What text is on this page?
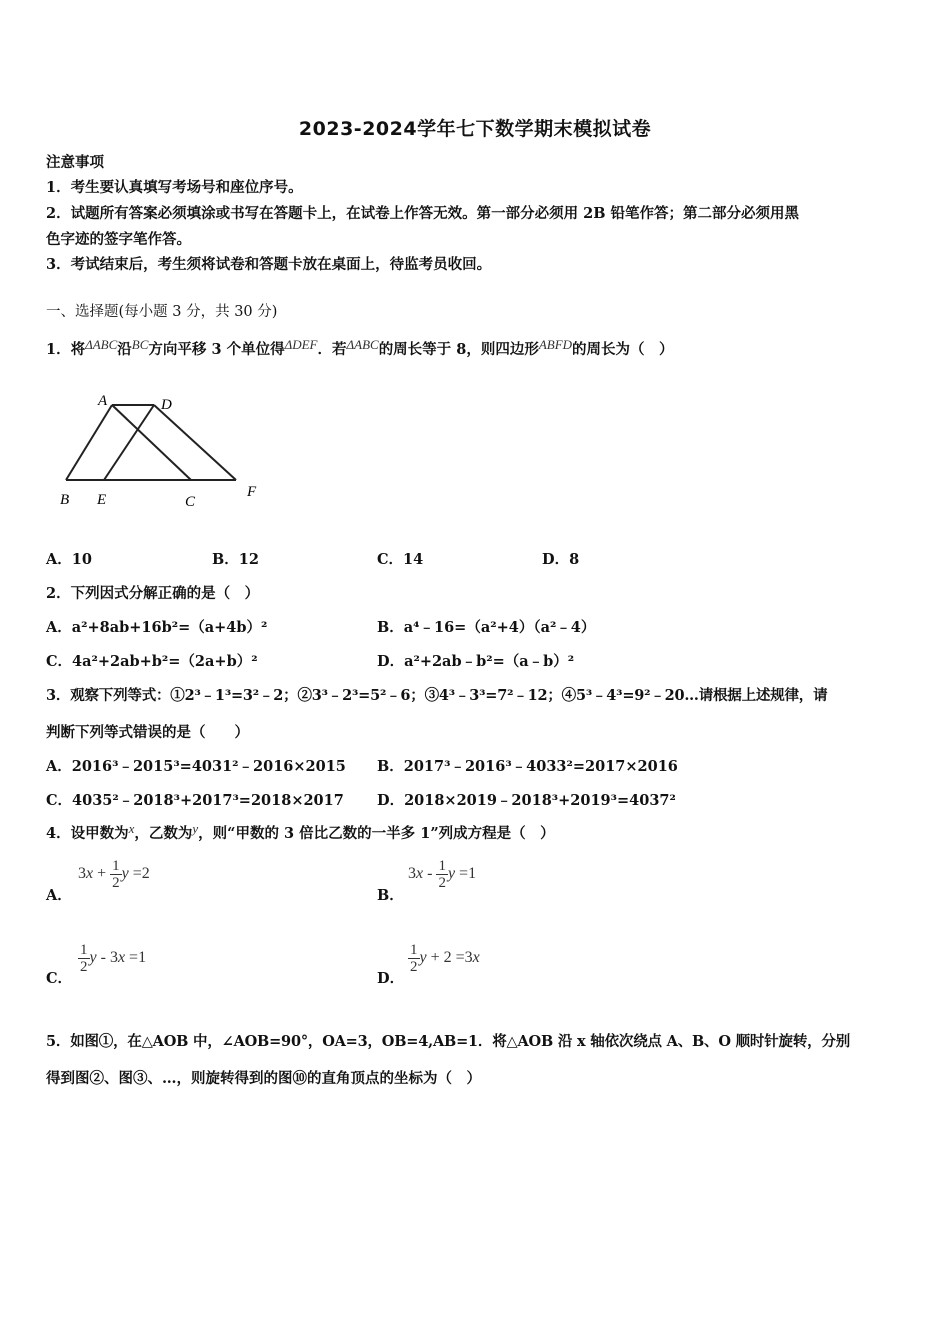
2023-2024学年七下数学期末模拟试卷
注意事项
1．考生要认真填写考场号和座位序号。
2．试题所有答案必须填涂或书写在答题卡上，在试卷上作答无效。第一部分必须用 2B 铅笔作答；第二部分必须用黑
色字迹的签字笔作答。
3．考试结束后，考生须将试卷和答题卡放在桌面上，待监考员收回。
一、选择题(每小题 3 分，共 30 分)
1．将ΔABC沿BC方向平移 3 个单位得ΔDEF．若ΔABC的周长等于 8，则四边形ABFD的周长为（　）
A	D
B E	C
F
A．10	B．12	C．14	D．8
2．下列因式分解正确的是（　）
A．a²+8ab+16b²=（a+4b）²	B．a⁴﹣16=（a²+4）（a²﹣4）
C．4a²+2ab+b²=（2a+b）²	D．a²+2ab﹣b²=（a﹣b）²
3．观察下列等式：①2³﹣1³=3²﹣2；②3³﹣2³=5²﹣6；③4³﹣3³=7²﹣12；④5³﹣4³=9²﹣20…请根据上述规律，请
判断下列等式错误的是（　　）
A．2016³﹣2015³=4031²﹣2016×2015 B．2017³﹣2016³﹣4033²=2017×2016
C．4035²﹣2018³+2017³=2018×2017 D．2018×2019﹣2018³+2019³=4037²
4．设甲数为x，乙数为y，则“甲数的 3 倍比乙数的一半多 1”列成方程是（　）
A．
$3x + \frac{1}{2}$ y =2
B．
$3x - \frac{1}{2}$ y =1
C．
$\frac{1}{2}$ y - 3x =1
D．
$\frac{1}{2}$ y + 2 =3x
5．如图①，在△AOB 中，∠AOB=90°，OA=3，OB=4,AB=1．将△AOB 沿 x 轴依次绕点 A、B、O 顺时针旋转，分别
得到图②、图③、…，则旋转得到的图⑩的直角顶点的坐标为（　）
